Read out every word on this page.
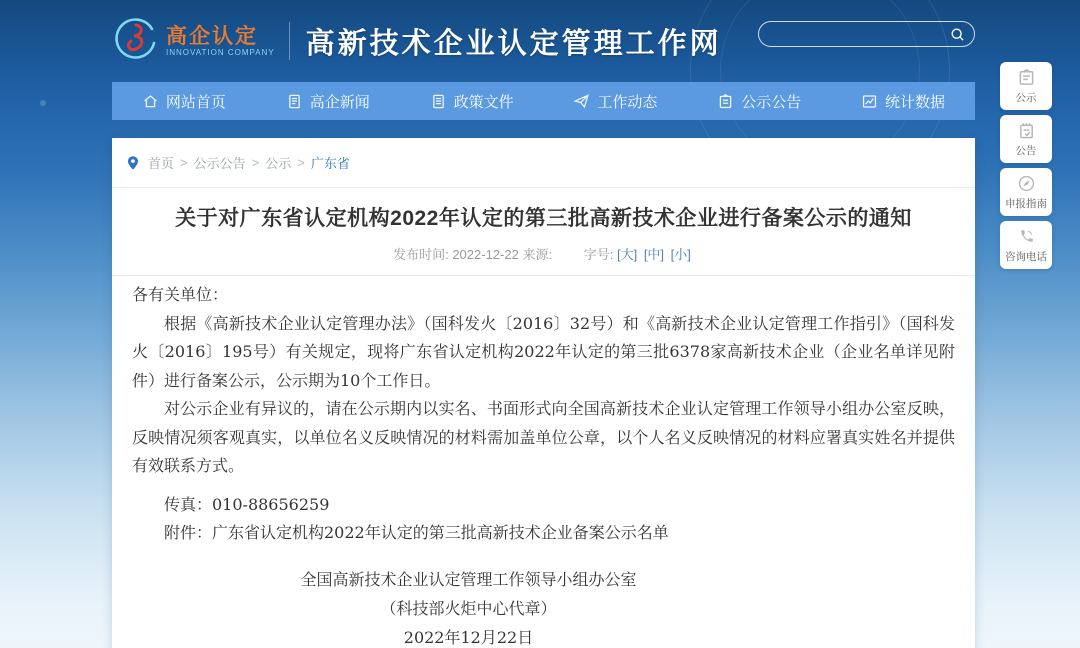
高企认定
INNOVATION COMPANY 高新技术企业认定管理工作网
网站首页	高企新闻	政策文件	工作动态	公示公告	统计数据
首页 > 公示公告 > 公示 > 广东省
关于对广东省认定机构2022年认定的第三批高新技术企业进行备案公示的通知
发布时间: 2022-12-22 来源: 字号: [大] [中] [小]

各有关单位：

根据《高新技术企业认定管理办法》（国科发火〔2016〕32号）和《高新技术企业认定管理工作指引》（国科发火〔2016〕195号）有关规定，现将广东省认定机构2022年认定的第三批6378家高新技术企业（企业名单详见附件）进行备案公示，公示期为10个工作日。

对公示企业有异议的，请在公示期内以实名、书面形式向全国高新技术企业认定管理工作领导小组办公室反映，反映情况须客观真实，以单位名义反映情况的材料需加盖单位公章，以个人名义反映情况的材料应署真实姓名并提供有效联系方式。

传真：010-88656259

附件：广东省认定机构2022年认定的第三批高新技术企业备案公示名单

全国高新技术企业认定管理工作领导小组办公室

（科技部火炬中心代章）

2022年12月22日

公示
公告
申报指南
咨询电话
